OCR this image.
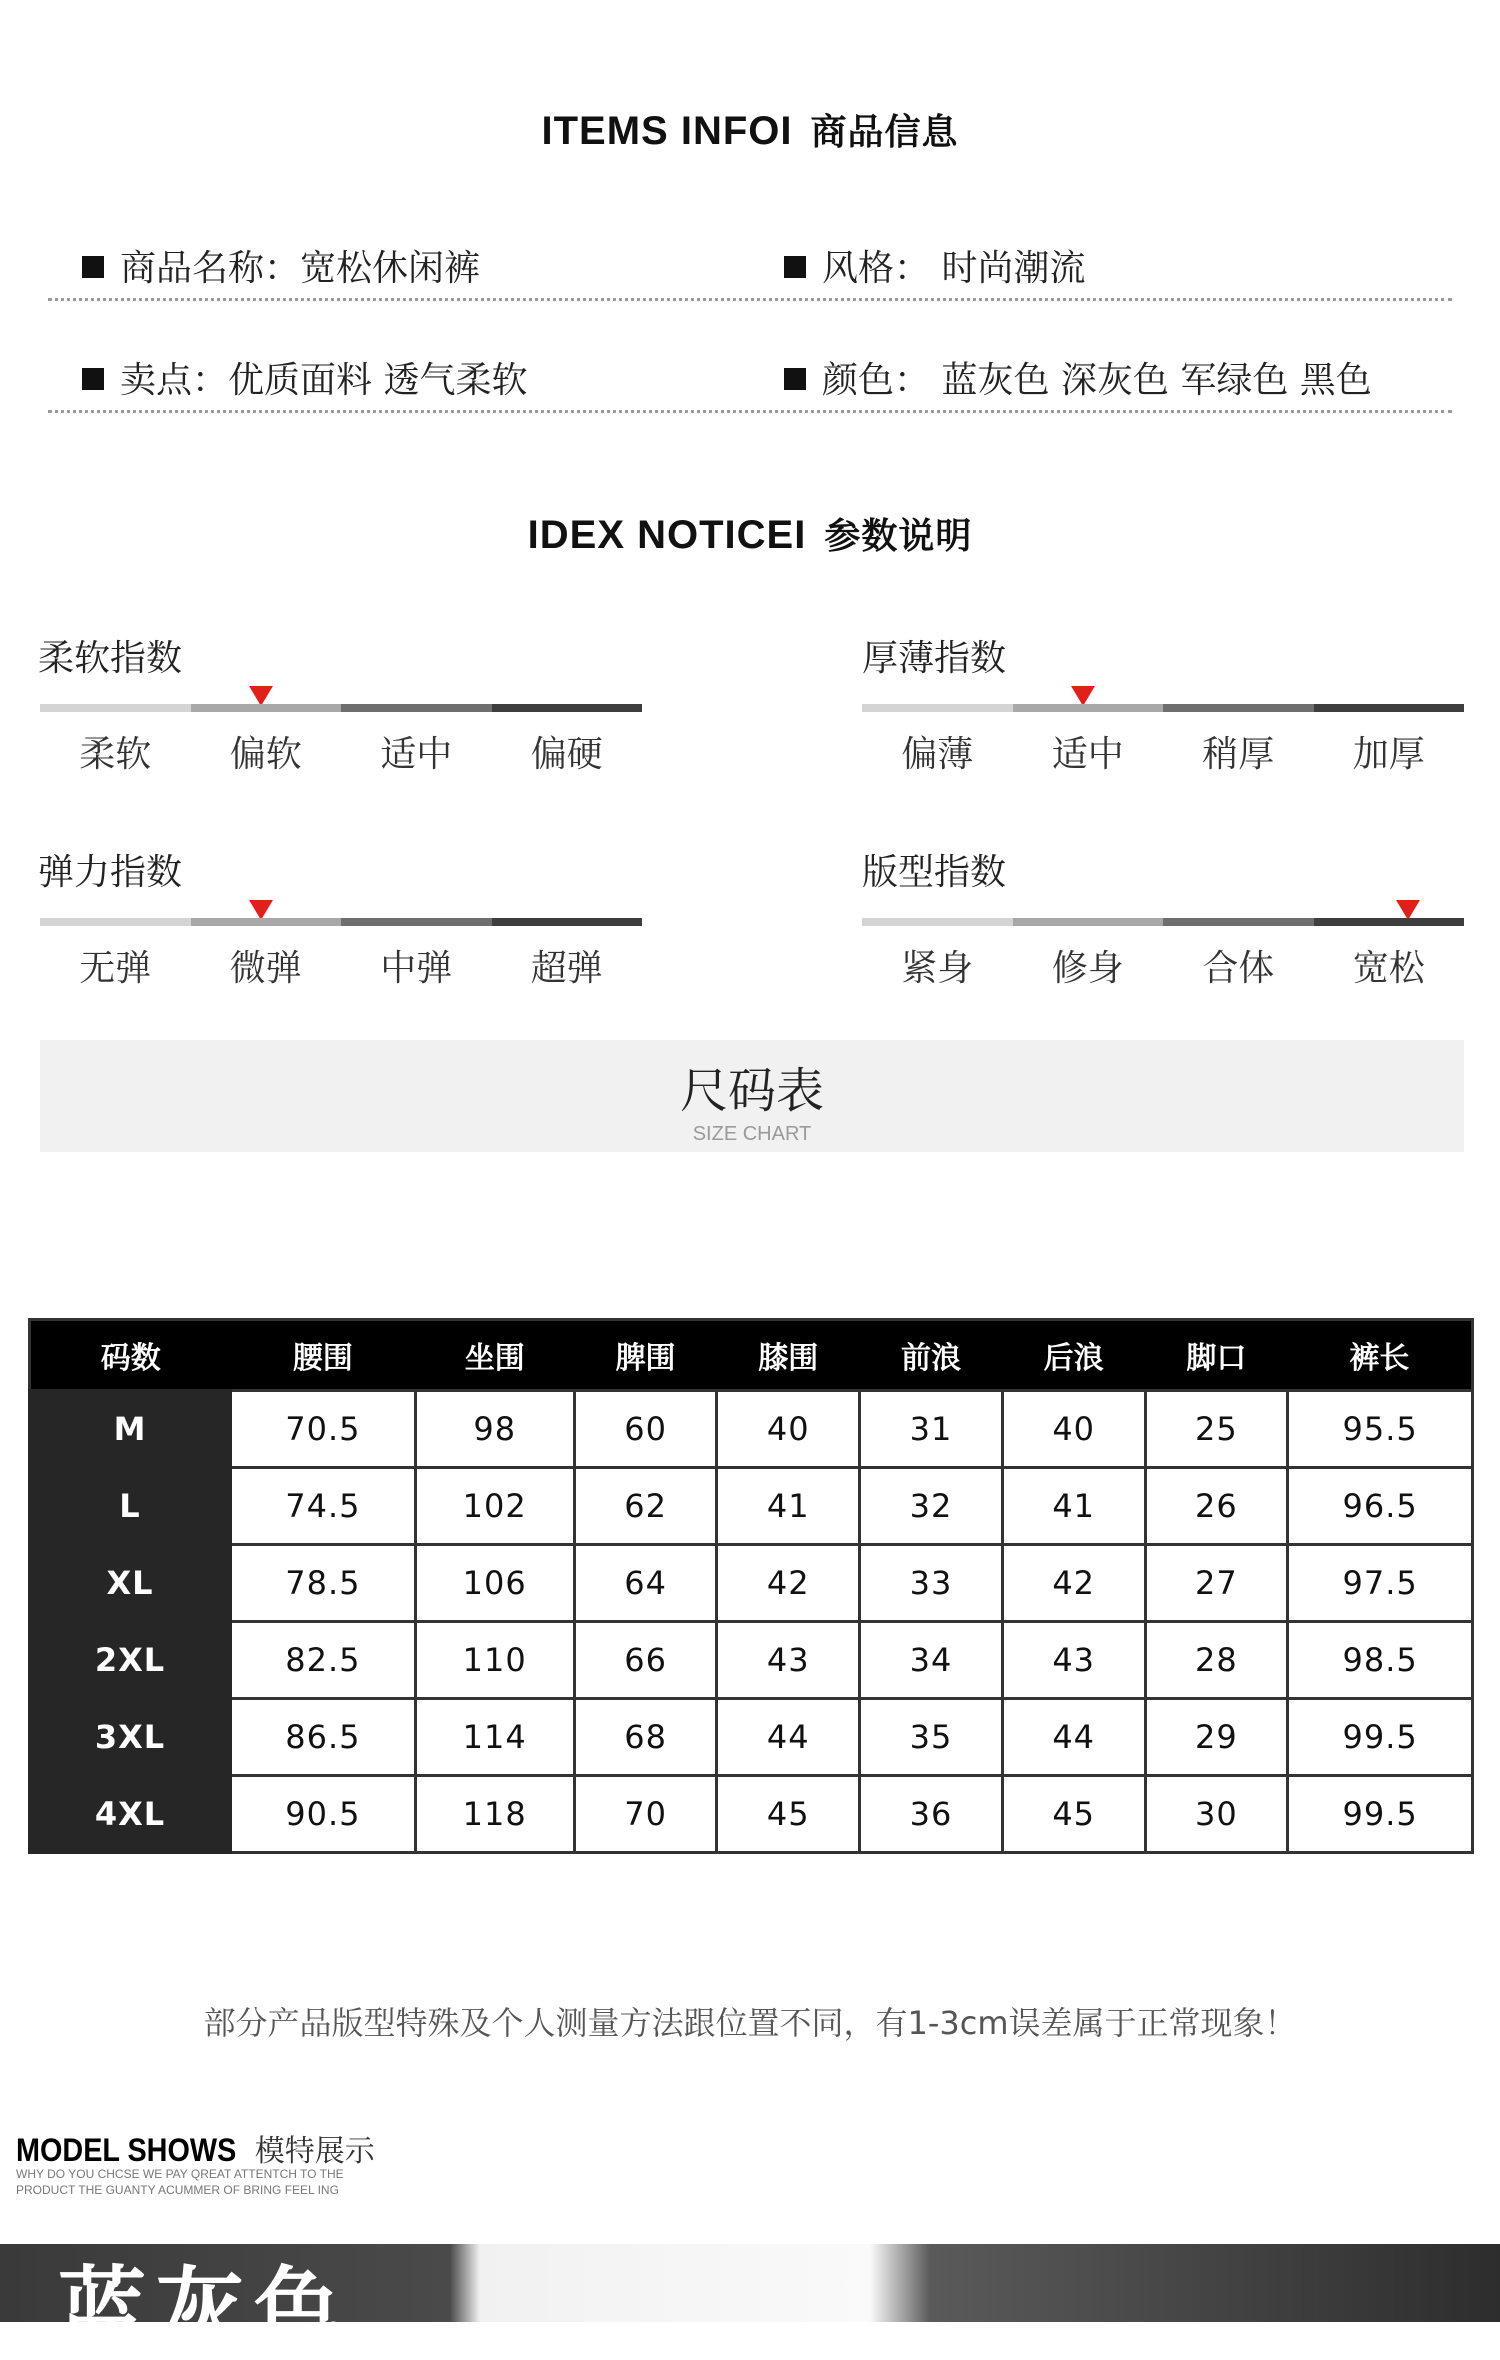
ITEMS INFOI 商品信息
商品名称：宽松休闲裤	风格： 时尚潮流
卖点：优质面料 透气柔软	颜色： 蓝灰色 深灰色 军绿色 黑色
IDEX NOTICEI 参数说明
柔软指数
柔软	偏软	适中	偏硬
厚薄指数
偏薄	适中	稍厚	加厚
弹力指数
无弹	微弹	中弹	超弹
版型指数
紧身	修身	合体	宽松
尺码表
SIZE CHART
码数	腰围	坐围	脾围	膝围	前浪	后浪	脚口	裤长
M	70.5	98	60	40	31	40	25	95.5
L	74.5	102	62	41	32	41	26	96.5
XL	78.5	106	64	42	33	42	27	97.5
2XL	82.5	110	66	43	34	43	28	98.5
3XL	86.5	114	68	44	35	44	29	99.5
4XL	90.5	118	70	45	36	45	30	99.5
部分产品版型特殊及个人测量方法跟位置不同，有1-3cm误差属于正常现象！
MODEL SHOWS 模特展示
WHY DO YOU CHCSE WE PAY QREAT ATTENTCH TO THE
PRODUCT THE GUANTY ACUMMER OF BRING FEEL ING
蓝灰色
